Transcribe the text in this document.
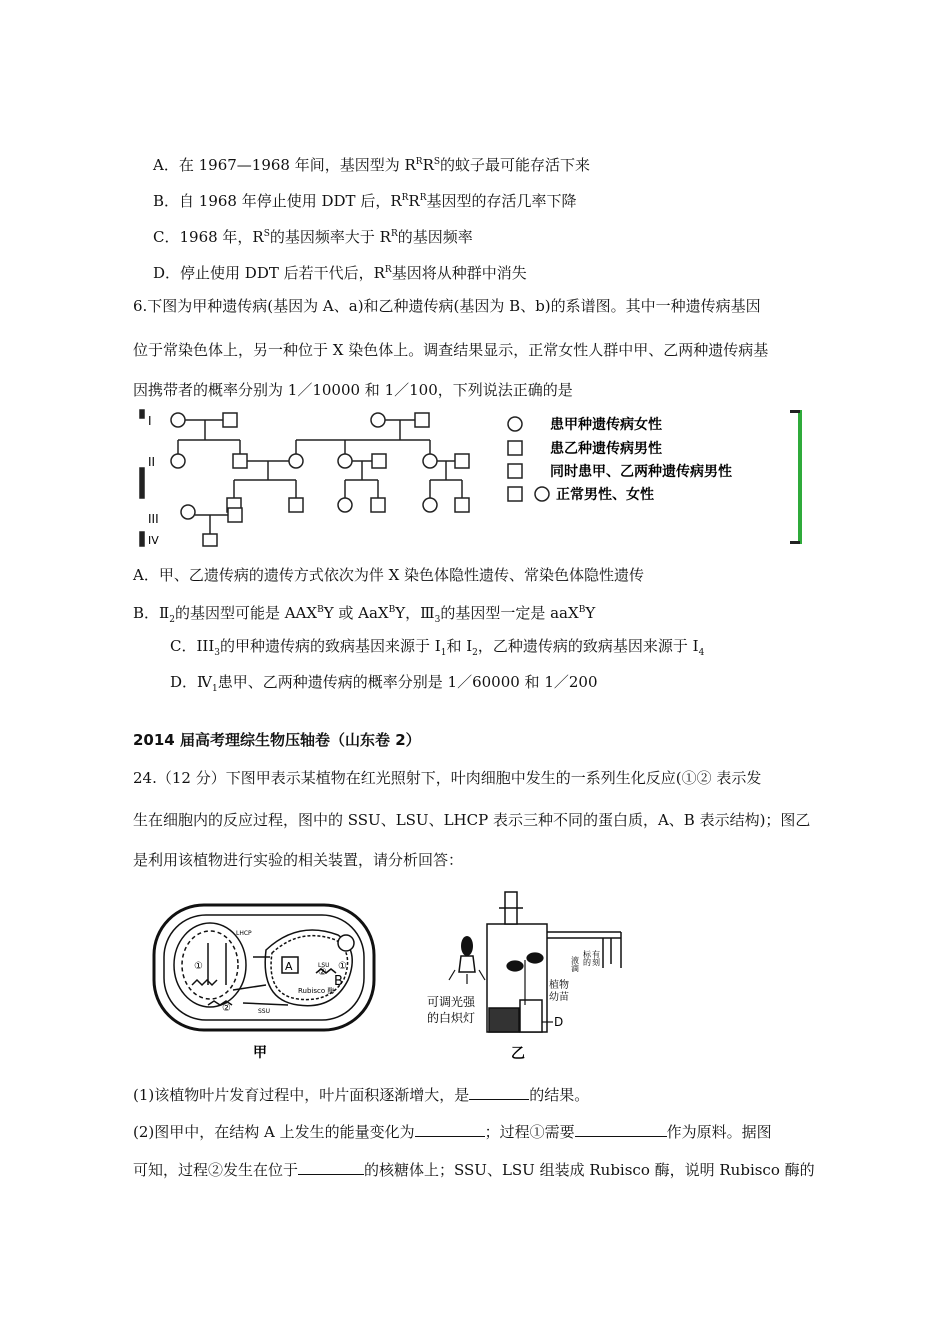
A．在 1967—1968 年间，基因型为 $R^RR^S$的蚊子最可能存活下来
B．自 1968 年停止使用 DDT 后，$R^RR^R$基因型的存活几率下降
C．1968 年，$R^S$的基因频率大于 $R^R$的基因频率
D．停止使用 DDT 后若干代后，$R^R$基因将从种群中消失
6.下图为甲种遗传病(基因为 A、a)和乙种遗传病(基因为 B、b)的系谱图。其中一种遗传病基因
位于常染色体上，另一种位于 X 染色体上。调查结果显示，正常女性人群中甲、乙两种遗传病基
因携带者的概率分别为 1／10000 和 1／100，下列说法正确的是
I
II
III
IV
患甲种遗传病女性
患乙种遗传病男性
同时患甲、乙两种遗传病男性
正常男性、女性
A．甲、乙遗传病的遗传方式依次为伴 X 染色体隐性遗传、常染色体隐性遗传
B．$Ⅱ_2$的基因型可能是 $AAX^BY$ 或 AaX$^B$Y，$Ⅲ_3$的基因型一定是 aaX$^B$Y
C．$III_3$的甲种遗传病的致病基因来源于 $I_1$和 $I_2$，乙种遗传病的致病基因来源于 $I_4$
D．$Ⅳ_1$患甲、乙两种遗传病的概率分别是 1／60000 和 1／200
2014 届高考理综生物压轴卷（山东卷 2）
24.（12 分）下图甲表示某植物在红光照射下，叶肉细胞中发生的一系列生化反应(①② 表示发
生在细胞内的反应过程，图中的 SSU、LSU、LHCP 表示三种不同的蛋白质，A、B 表示结构)；图乙
是利用该植物进行实验的相关装置，请分析回答：
A
B
①	①
②
②
LHCP
SSU
LSU
Rubisco 酶
甲
可调光强
的白炽灯
植物
幼苗
液滴 标的 有刻
D
乙
(1)该植物叶片发育过程中，叶片面积逐渐增大，是	的结果。
(2)图甲中，在结构 A 上发生的能量变化为	；过程①需要	作为原料。据图
可知，过程②发生在位于	的核糖体上；SSU、LSU 组装成 Rubisco 酶，说明 Rubisco 酶的
